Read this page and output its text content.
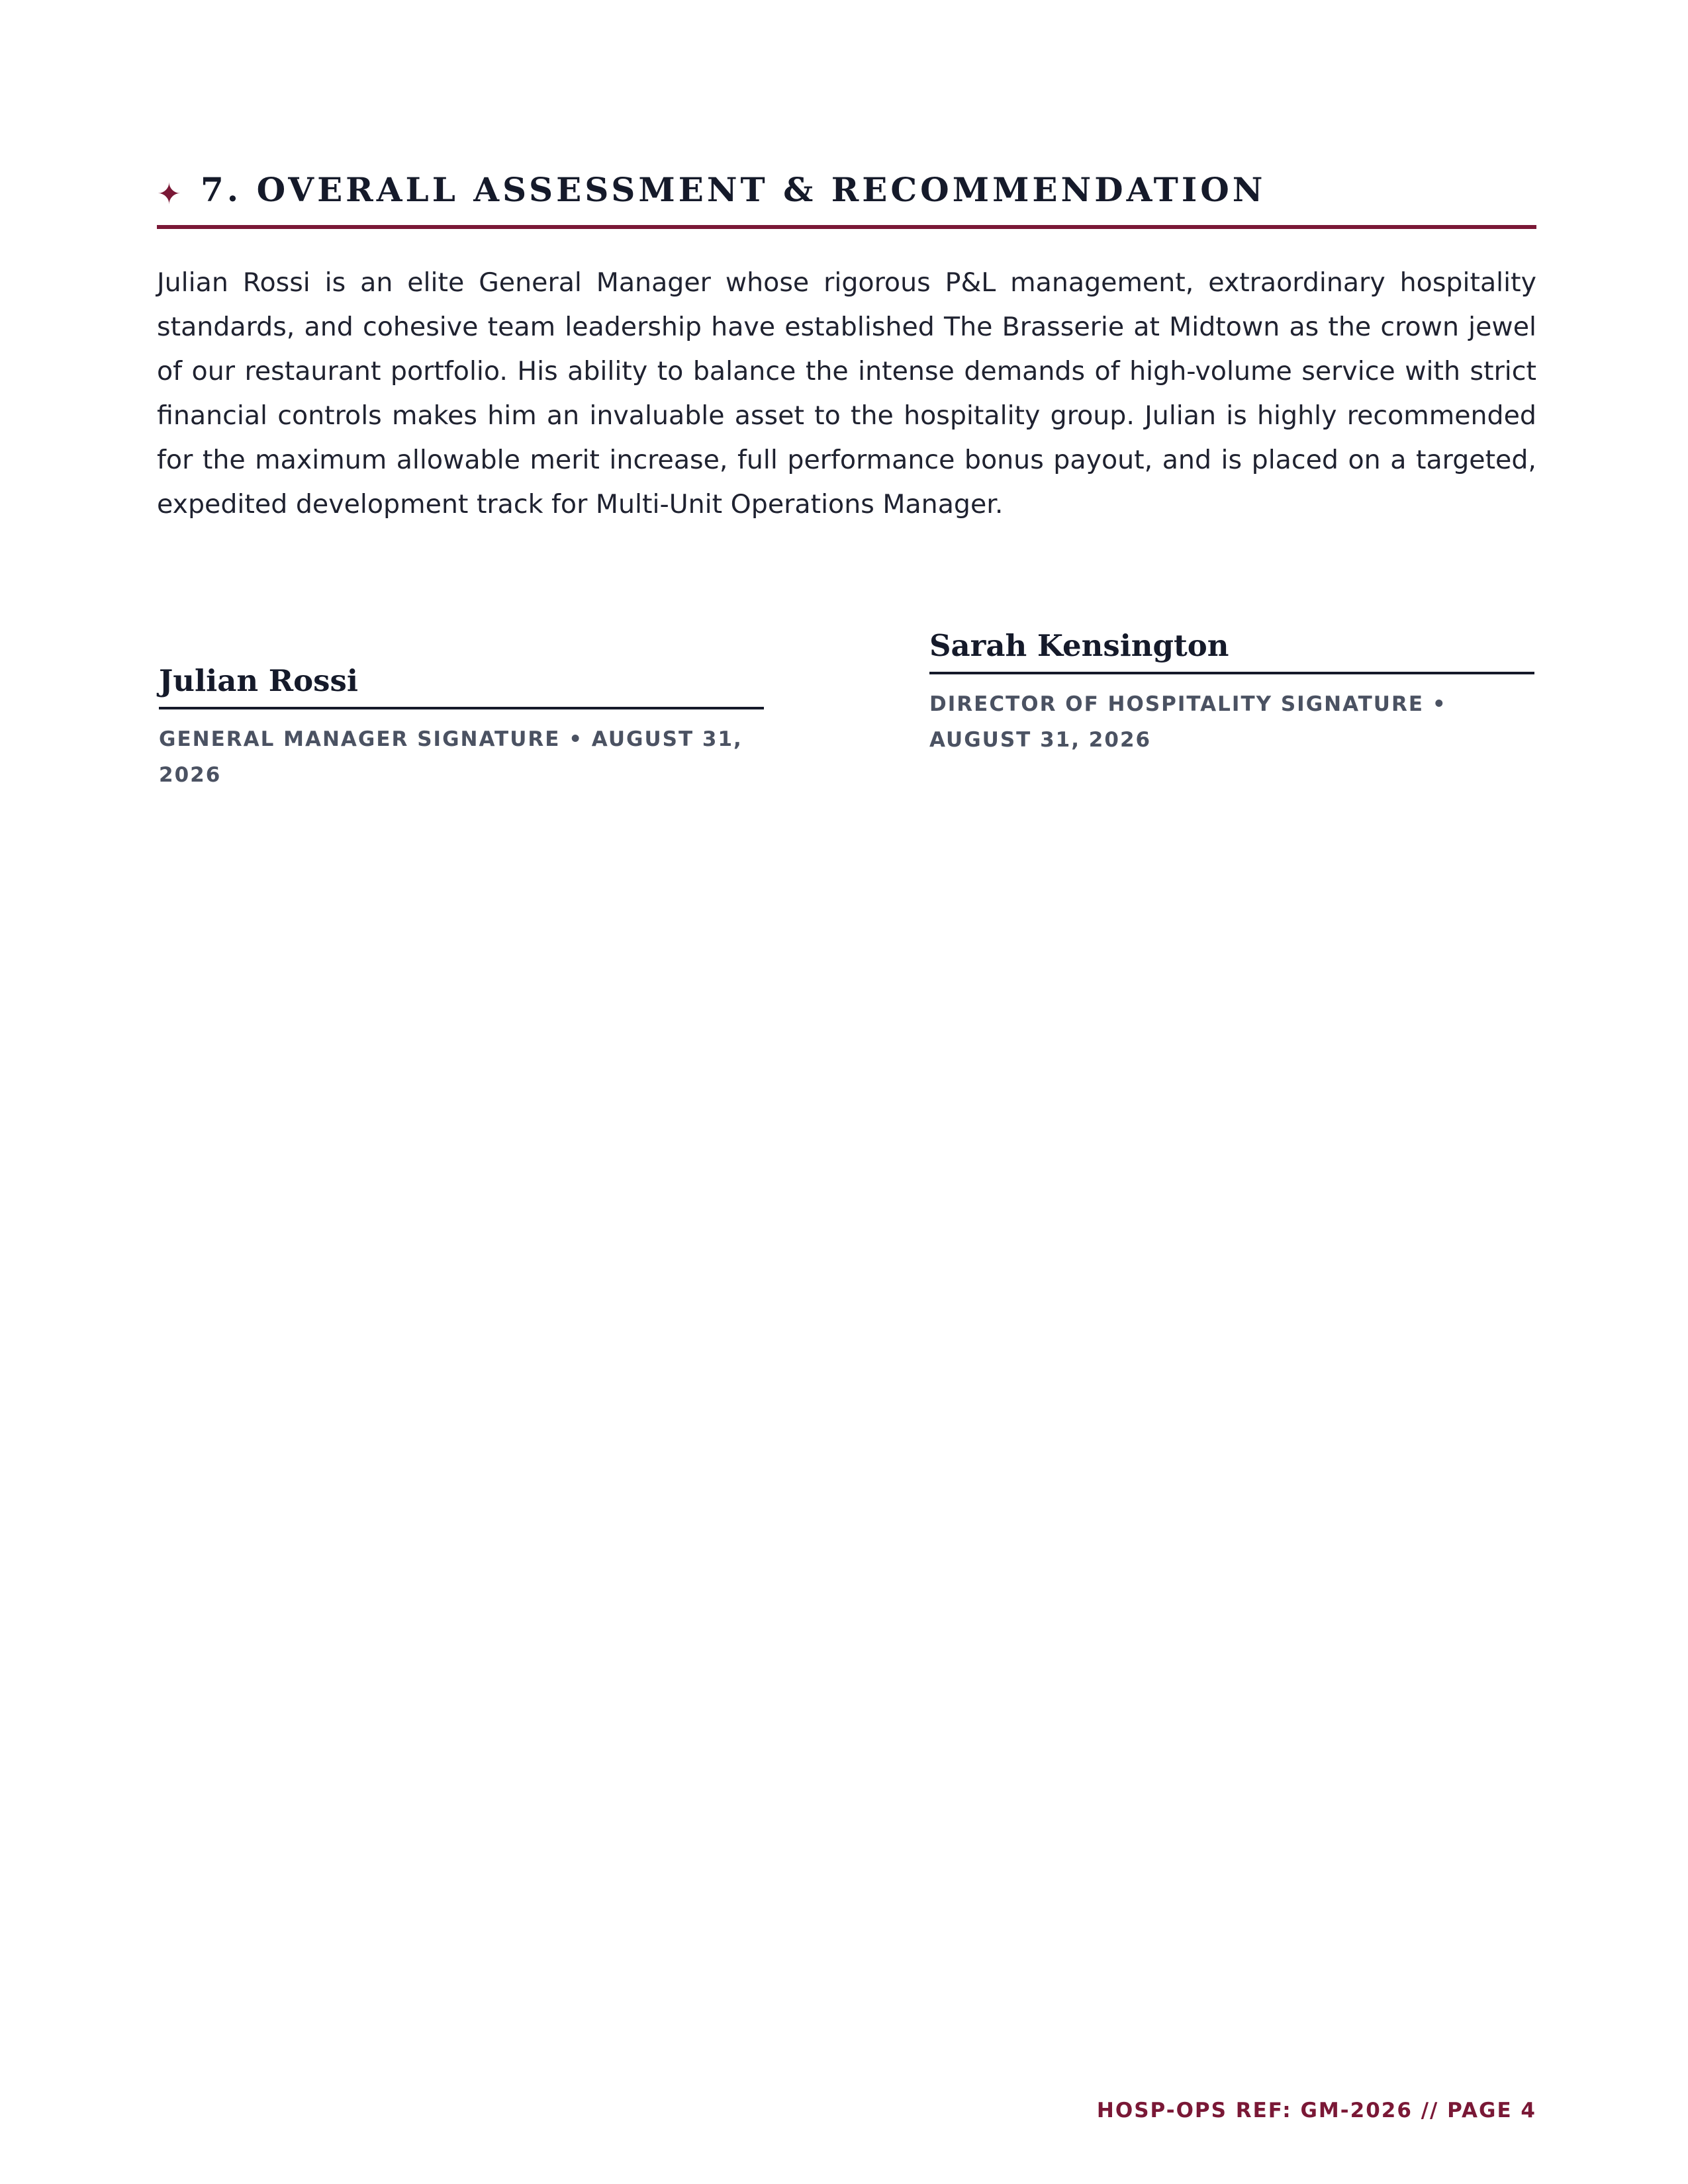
✦ 7. OVERALL ASSESSMENT & RECOMMENDATION

Julian Rossi is an elite General Manager whose rigorous P&L management, extraordinary hospitality standards, and cohesive team leadership have established The Brasserie at Midtown as the crown jewel of our restaurant portfolio. His ability to balance the intense demands of high-volume service with strict financial controls makes him an invaluable asset to the hospitality group. Julian is highly recommended for the maximum allowable merit increase, full performance bonus payout, and is placed on a targeted, expedited development track for Multi-Unit Operations Manager.

Julian Rossi
GENERAL MANAGER SIGNATURE • AUGUST 31, 2026
Sarah Kensington
DIRECTOR OF HOSPITALITY SIGNATURE • AUGUST 31, 2026
HOSP-OPS REF: GM-2026 // PAGE 4
